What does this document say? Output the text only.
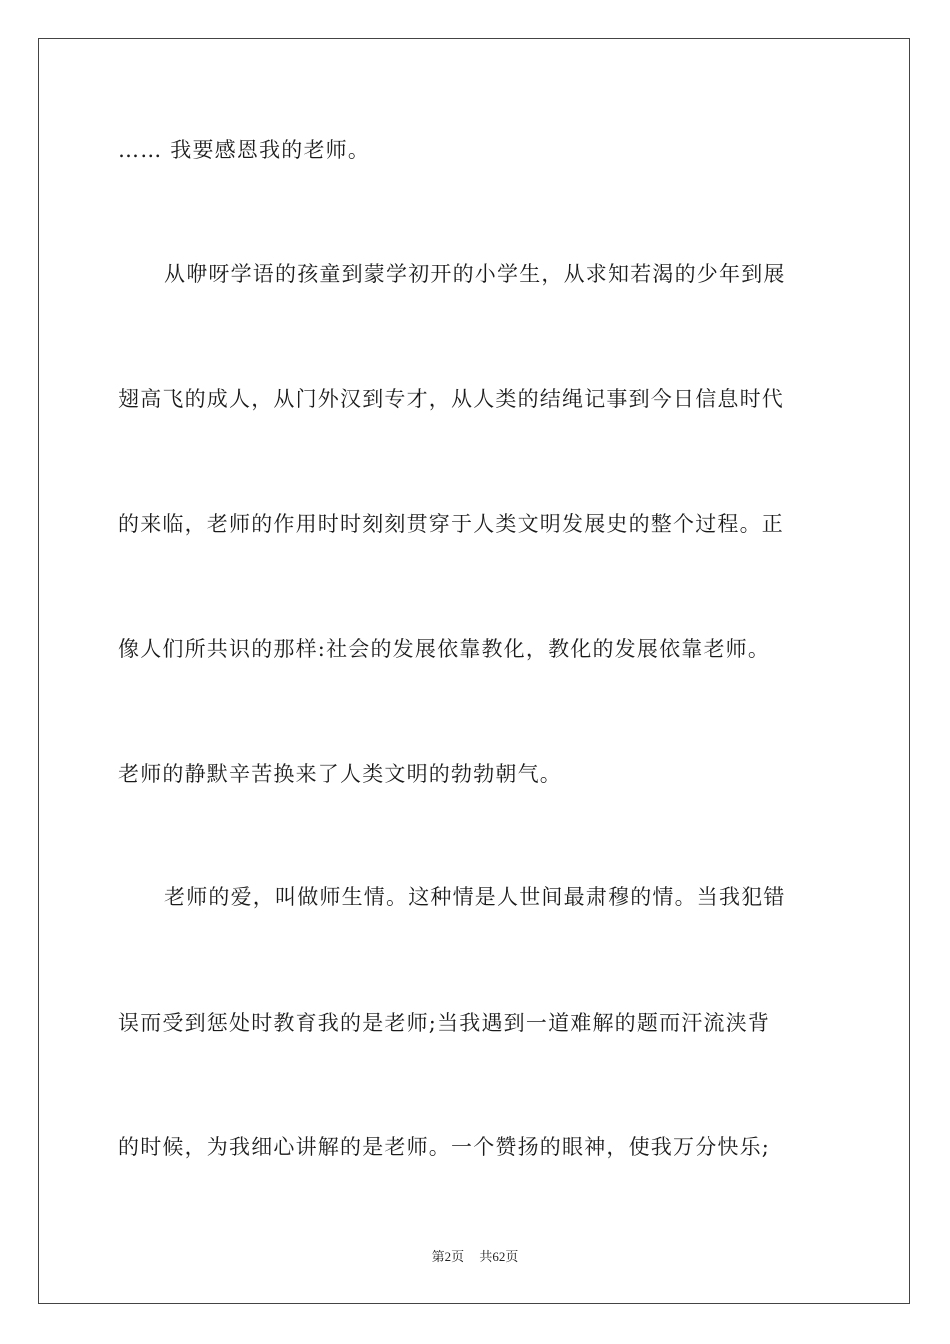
…… 我要感恩我的老师。
从咿呀学语的孩童到蒙学初开的小学生，从求知若渴的少年到展
翅高飞的成人，从门外汉到专才，从人类的结绳记事到今日信息时代
的来临，老师的作用时时刻刻贯穿于人类文明发展史的整个过程。正
像人们所共识的那样:社会的发展依靠教化，教化的发展依靠老师。
老师的静默辛苦换来了人类文明的勃勃朝气。
老师的爱，叫做师生情。这种情是人世间最肃穆的情。当我犯错
误而受到惩处时教育我的是老师;当我遇到一道难解的题而汗流浃背
的时候，为我细心讲解的是老师。一个赞扬的眼神，使我万分快乐;
第2页 共62页
